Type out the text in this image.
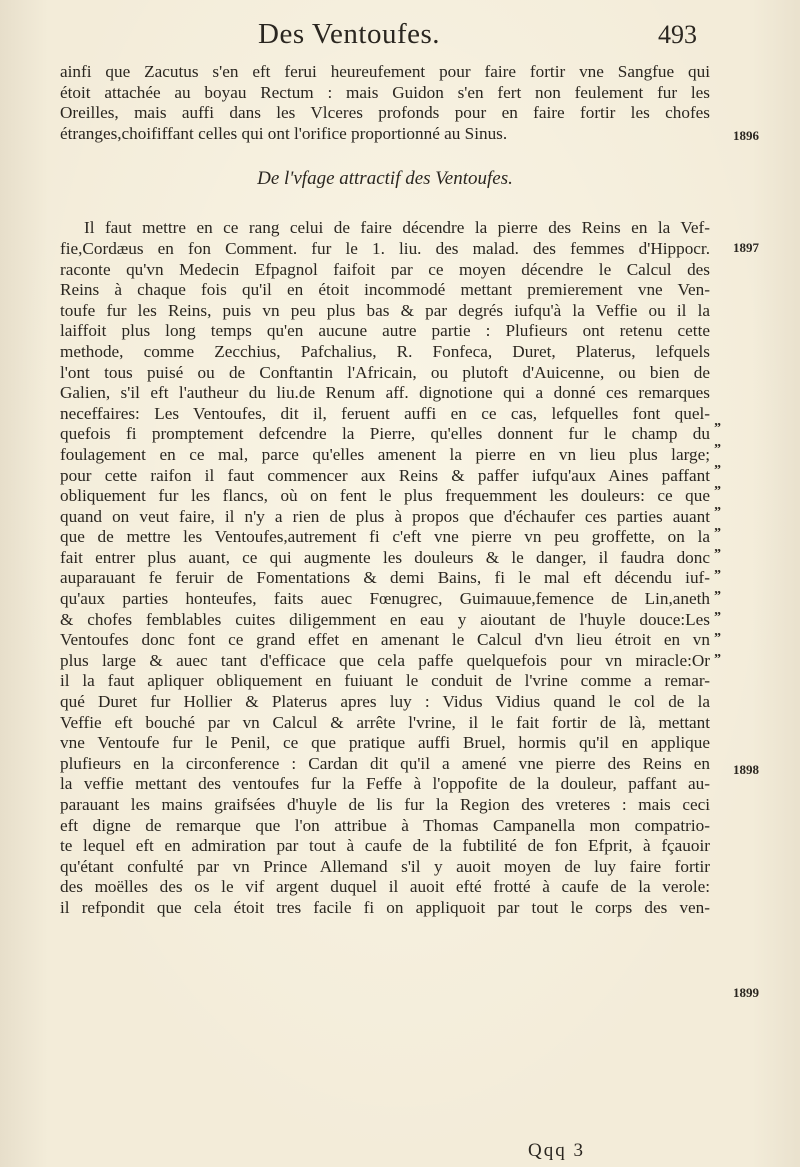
Des Ventoufes.	493
ainfi que Zacutus s'en eft ferui heureufement pour faire fortir vne Sangfue qui
étoit attachée au boyau Rectum : mais Guidon s'en fert non feulement fur les
Oreilles, mais auffi dans les Vlceres profonds pour en faire fortir les chofes
étranges,choififfant celles qui ont l'orifice proportionné au Sinus.
De l'vfage attractif des Ventoufes.
Il faut mettre en ce rang celui de faire décendre la pierre des Reins en la Vef-
fie,Cordæus en fon Comment. fur le 1. liu. des malad. des femmes d'Hippocr.
raconte qu'vn Medecin Efpagnol faifoit par ce moyen décendre le Calcul des
Reins à chaque fois qu'il en étoit incommodé mettant premierement vne Ven-
toufe fur les Reins, puis vn peu plus bas & par degrés iufqu'à la Veffie ou il la
laiffoit plus long temps qu'en aucune autre partie : Plufieurs ont retenu cette
methode, comme Zecchius, Pafchalius, R. Fonfeca, Duret, Platerus, lefquels
l'ont tous puisé ou de Conftantin l'Africain, ou plutoft d'Auicenne, ou bien de
Galien, s'il eft l'autheur du liu.de Renum aff. dignotione qui a donné ces remarques
neceffaires: Les Ventoufes, dit il, feruent auffi en ce cas, lefquelles font quel-
quefois fi promptement defcendre la Pierre, qu'elles donnent fur le champ du
foulagement en ce mal, parce qu'elles amenent la pierre en vn lieu plus large;
pour cette raifon il faut commencer aux Reins & paffer iufqu'aux Aines paffant
obliquement fur les flancs, où on fent le plus frequemment les douleurs: ce que
quand on veut faire, il n'y a rien de plus à propos que d'échaufer ces parties auant
que de mettre les Ventoufes,autrement fi c'eft vne pierre vn peu groffette, on la
fait entrer plus auant, ce qui augmente les douleurs & le danger, il faudra donc
auparauant fe feruir de Fomentations & demi Bains, fi le mal eft décendu iuf-
qu'aux parties honteufes, faits auec Fœnugrec, Guimauue,femence de Lin,aneth
& chofes femblables cuites diligemment en eau y aioutant de l'huyle douce:Les
Ventoufes donc font ce grand effet en amenant le Calcul d'vn lieu étroit en vn
plus large & auec tant d'efficace que cela paffe quelquefois pour vn miracle:Or
il la faut apliquer obliquement en fuiuant le conduit de l'vrine comme a remar-
qué Duret fur Hollier & Platerus apres luy : Vidus Vidius quand le col de la
Veffie eft bouché par vn Calcul & arrête l'vrine, il le fait fortir de là, mettant
vne Ventoufe fur le Penil, ce que pratique auffi Bruel, hormis qu'il en applique
plufieurs en la circonference : Cardan dit qu'il a amené vne pierre des Reins en
la veffie mettant des ventoufes fur la Feffe à l'oppofite de la douleur, paffant au-
parauant les mains graifsées d'huyle de lis fur la Region des vreteres : mais ceci
eft digne de remarque que l'on attribue à Thomas Campanella mon compatrio-
te lequel eft en admiration par tout à caufe de la fubtilité de fon Efprit, à fçauoir
qu'étant confulté par vn Prince Allemand s'il y auoit moyen de luy faire fortir
des moëlles des os le vif argent duquel il auoit efté frotté à caufe de la verole:
il refpondit que cela étoit tres facile fi on appliquoit par tout le corps des ven-
1896
1897
1898
1899
”
”
”
”
”
”
”
”
”
”
”
”
Qqq 3
